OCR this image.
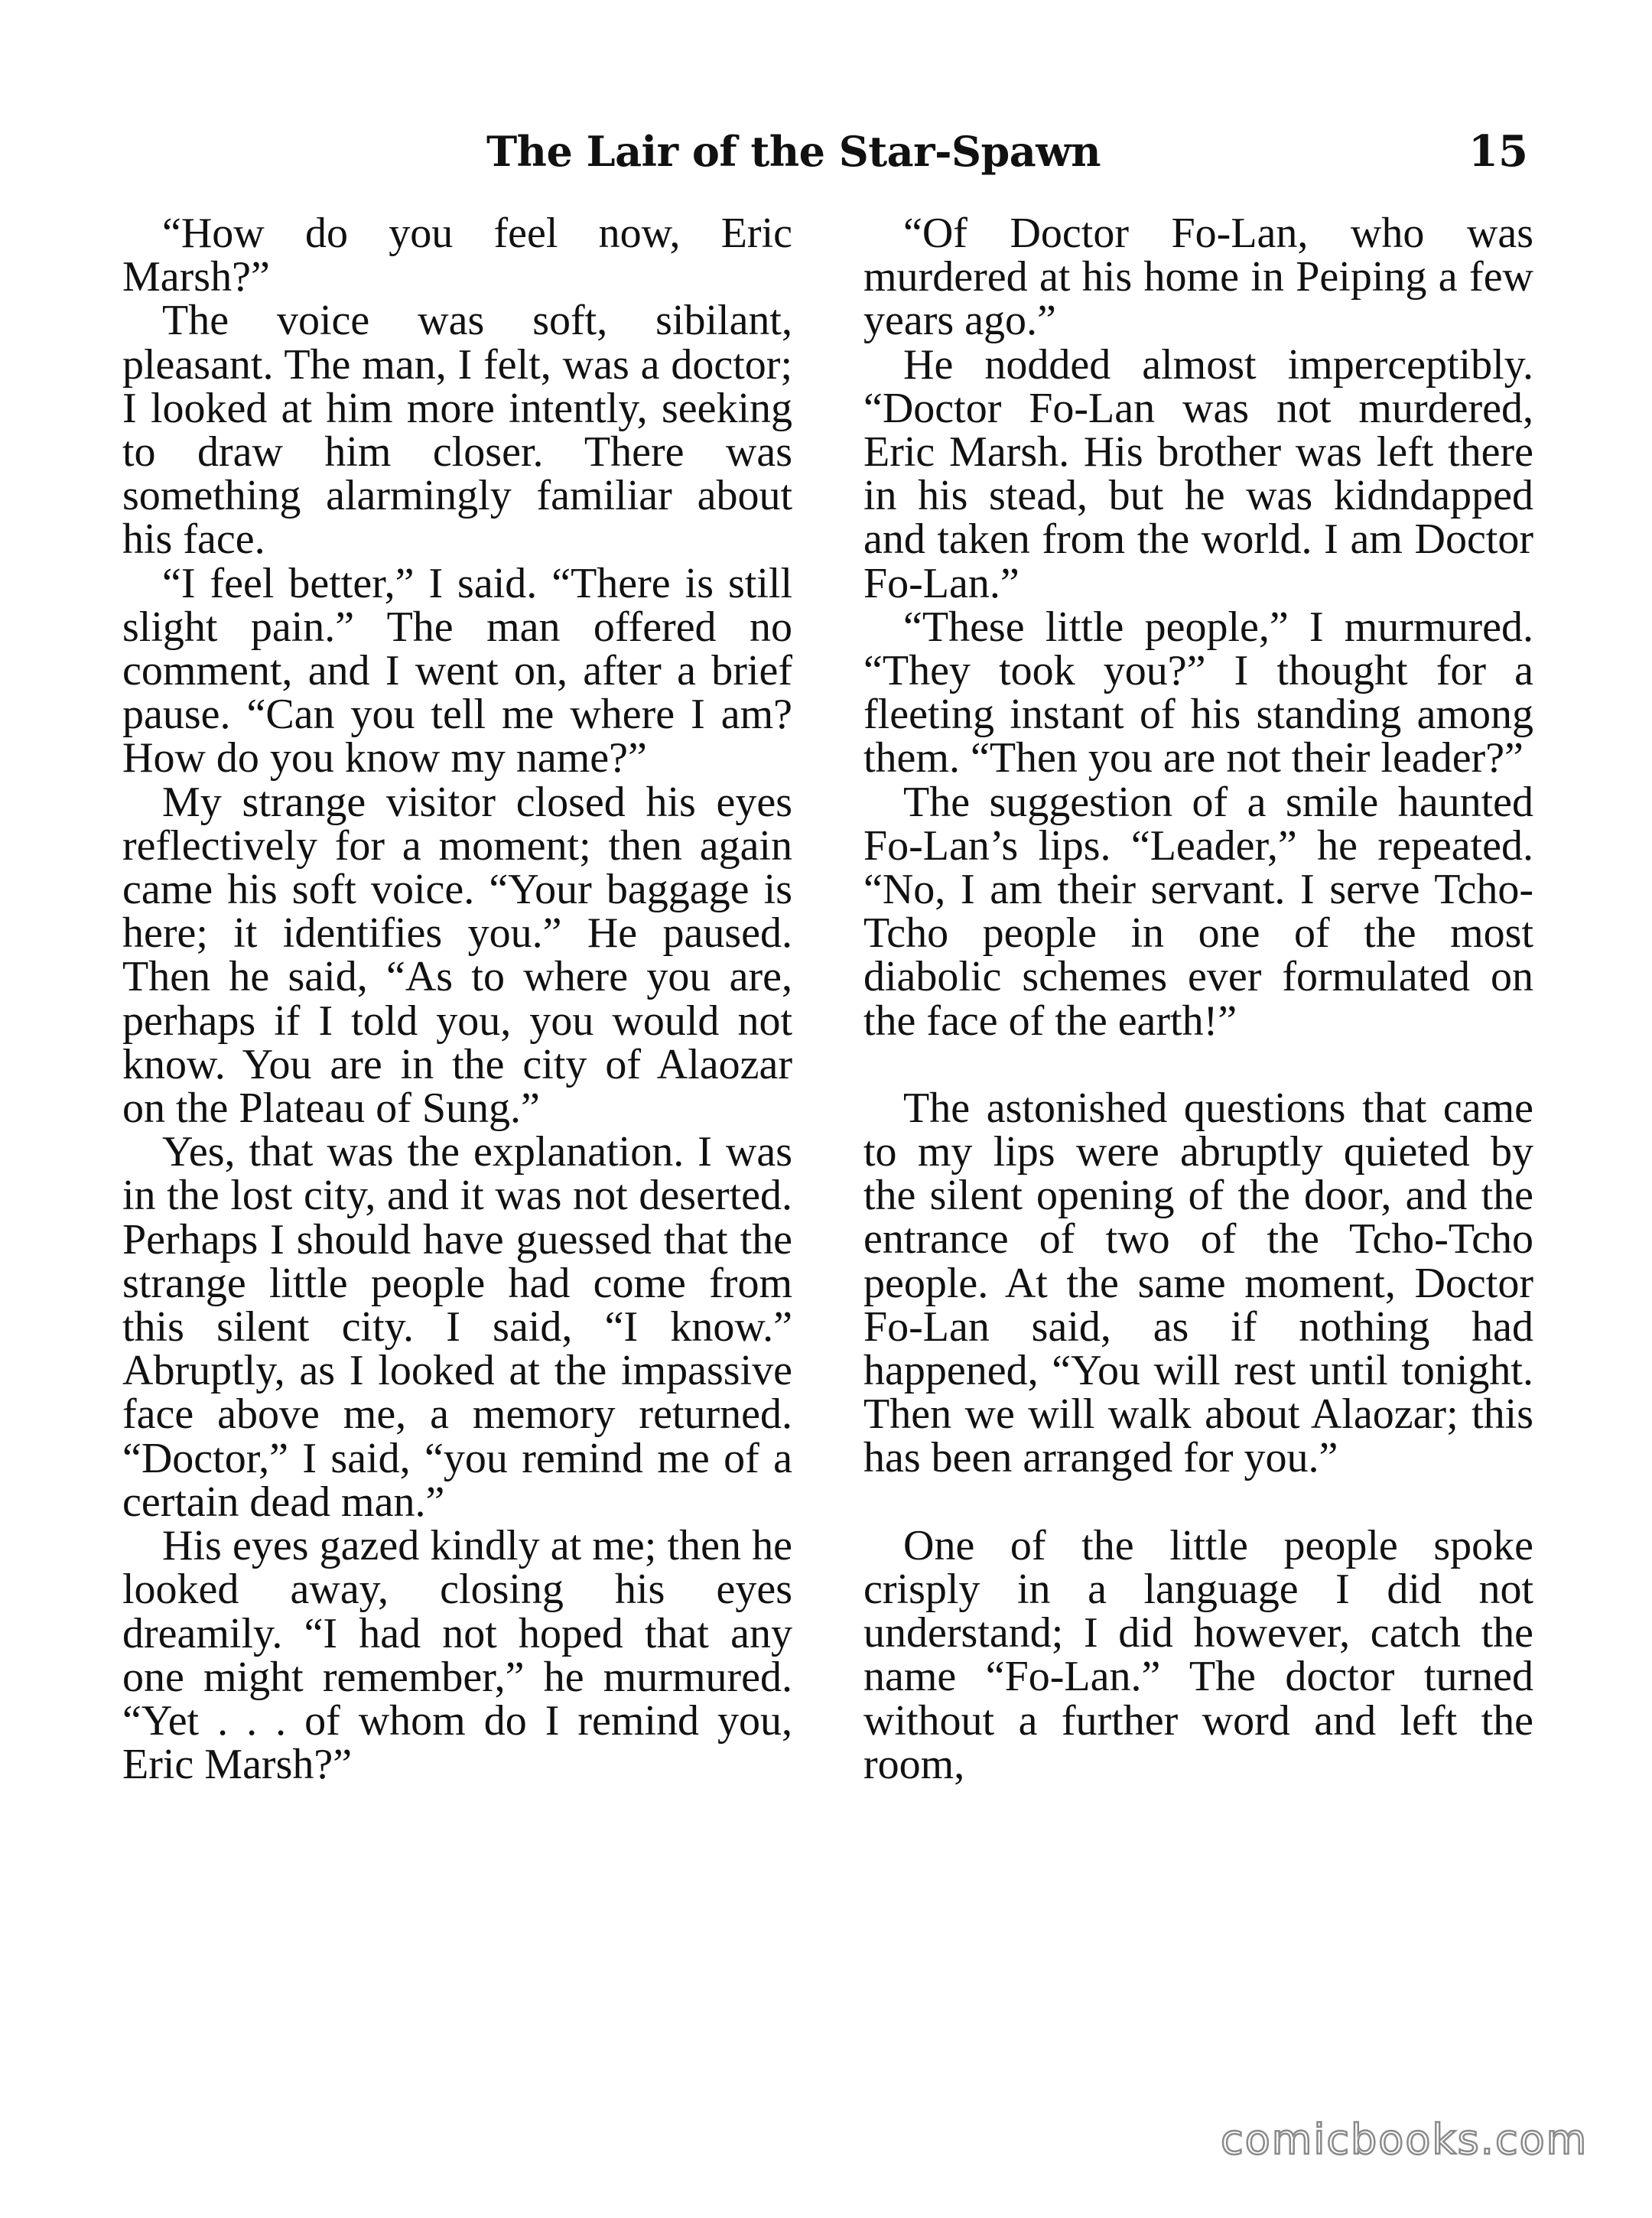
The Lair of the Star-Spawn	15

“How do you feel now, Eric Marsh?”

The voice was soft, sibilant, pleasant. The man, I felt, was a doctor; I looked at him more intently, seeking to draw him closer. There was something alarmingly familiar about his face.

“I feel better,” I said. “There is still slight pain.” The man offered no comment, and I went on, after a brief pause. “Can you tell me where I am? How do you know my name?”

My strange visitor closed his eyes reflectively for a moment; then again came his soft voice. “Your baggage is here; it identifies you.” He paused. Then he said, “As to where you are, perhaps if I told you, you would not know. You are in the city of Alaozar on the Plateau of Sung.”

Yes, that was the explanation. I was in the lost city, and it was not deserted. Perhaps I should have guessed that the strange little people had come from this silent city. I said, “I know.” Abruptly, as I looked at the impassive face above me, a memory returned. “Doctor,” I said, “you remind me of a certain dead man.”

His eyes gazed kindly at me; then he looked away, closing his eyes dreamily. “I had not hoped that any one might remember,” he murmured. “Yet . . . of whom do I remind you, Eric Marsh?”

“Of Doctor Fo-Lan, who was murdered at his home in Peiping a few years ago.”

He nodded almost imperceptibly. “Doctor Fo-Lan was not murdered, Eric Marsh. His brother was left there in his stead, but he was kidndapped and taken from the world. I am Doctor Fo-Lan.”

“These little people,” I murmured. “They took you?” I thought for a fleeting instant of his standing among them. “Then you are not their leader?”

The suggestion of a smile haunted Fo-Lan’s lips. “Leader,” he repeated. “No, I am their servant. I serve Tcho-Tcho people in one of the most diabolic schemes ever formulated on the face of the earth!”

The astonished questions that came to my lips were abruptly quieted by the silent opening of the door, and the entrance of two of the Tcho-Tcho people. At the same moment, Doctor Fo-Lan said, as if nothing had happened, “You will rest until tonight. Then we will walk about Alaozar; this has been arranged for you.”

One of the little people spoke crisply in a language I did not understand; I did however, catch the name “Fo-Lan.” The doctor turned without a further word and left the room,

comicbooks.com
